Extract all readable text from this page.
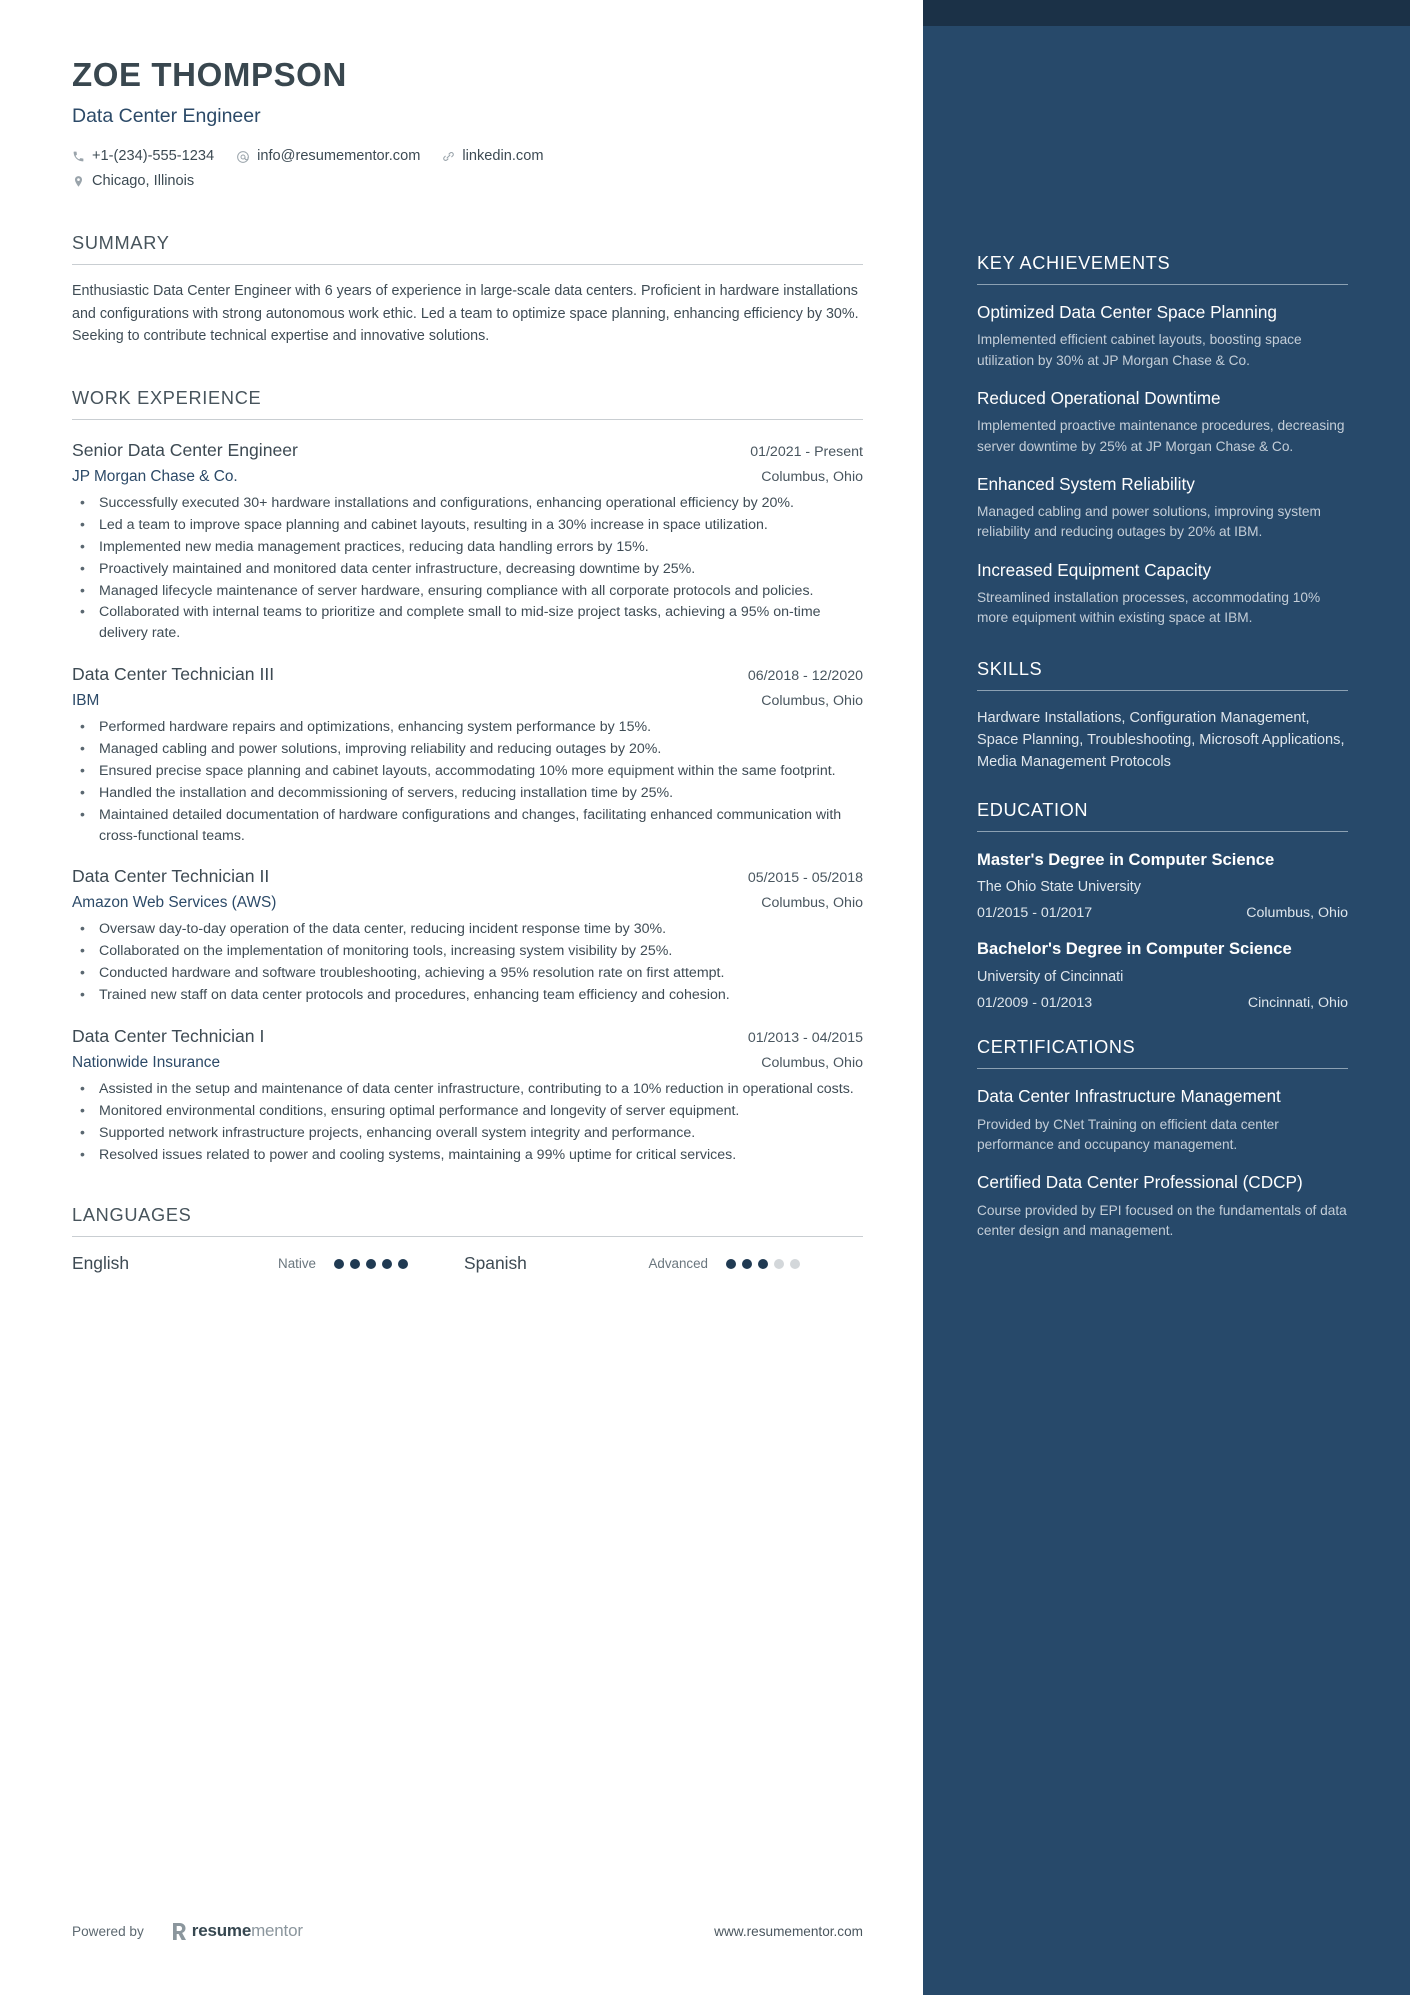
ZOE THOMPSON
Data Center Engineer
+1-(234)-555-1234	info@resumementor.com	linkedin.com
Chicago, Illinois
SUMMARY
Enthusiastic Data Center Engineer with 6 years of experience in large-scale data centers. Proficient in hardware installations and configurations with strong autonomous work ethic. Led a team to optimize space planning, enhancing efficiency by 30%. Seeking to contribute technical expertise and innovative solutions.
WORK EXPERIENCE
Senior Data Center Engineer	01/2021 - Present
JP Morgan Chase & Co.	Columbus, Ohio
• Successfully executed 30+ hardware installations and configurations, enhancing operational efficiency by 20%.
• Led a team to improve space planning and cabinet layouts, resulting in a 30% increase in space utilization.
• Implemented new media management practices, reducing data handling errors by 15%.
• Proactively maintained and monitored data center infrastructure, decreasing downtime by 25%.
• Managed lifecycle maintenance of server hardware, ensuring compliance with all corporate protocols and policies.
• Collaborated with internal teams to prioritize and complete small to mid-size project tasks, achieving a 95% on-time delivery rate.
Data Center Technician III	06/2018 - 12/2020
IBM	Columbus, Ohio
• Performed hardware repairs and optimizations, enhancing system performance by 15%.
• Managed cabling and power solutions, improving reliability and reducing outages by 20%.
• Ensured precise space planning and cabinet layouts, accommodating 10% more equipment within the same footprint.
• Handled the installation and decommissioning of servers, reducing installation time by 25%.
• Maintained detailed documentation of hardware configurations and changes, facilitating enhanced communication with cross-functional teams.
Data Center Technician II	05/2015 - 05/2018
Amazon Web Services (AWS)	Columbus, Ohio
• Oversaw day-to-day operation of the data center, reducing incident response time by 30%.
• Collaborated on the implementation of monitoring tools, increasing system visibility by 25%.
• Conducted hardware and software troubleshooting, achieving a 95% resolution rate on first attempt.
• Trained new staff on data center protocols and procedures, enhancing team efficiency and cohesion.
Data Center Technician I	01/2013 - 04/2015
Nationwide Insurance	Columbus, Ohio
• Assisted in the setup and maintenance of data center infrastructure, contributing to a 10% reduction in operational costs.
• Monitored environmental conditions, ensuring optimal performance and longevity of server equipment.
• Supported network infrastructure projects, enhancing overall system integrity and performance.
• Resolved issues related to power and cooling systems, maintaining a 99% uptime for critical services.
LANGUAGES
English	Native	Spanish	Advanced
Powered by	resumementor	www.resumementor.com
KEY ACHIEVEMENTS
Optimized Data Center Space Planning
Implemented efficient cabinet layouts, boosting space utilization by 30% at JP Morgan Chase & Co.
Reduced Operational Downtime
Implemented proactive maintenance procedures, decreasing server downtime by 25% at JP Morgan Chase & Co.
Enhanced System Reliability
Managed cabling and power solutions, improving system reliability and reducing outages by 20% at IBM.
Increased Equipment Capacity
Streamlined installation processes, accommodating 10% more equipment within existing space at IBM.
SKILLS
Hardware Installations, Configuration Management, Space Planning, Troubleshooting, Microsoft Applications, Media Management Protocols
EDUCATION
Master's Degree in Computer Science
The Ohio State University
01/2015 - 01/2017	Columbus, Ohio
Bachelor's Degree in Computer Science
University of Cincinnati
01/2009 - 01/2013	Cincinnati, Ohio
CERTIFICATIONS
Data Center Infrastructure Management
Provided by CNet Training on efficient data center performance and occupancy management.
Certified Data Center Professional (CDCP)
Course provided by EPI focused on the fundamentals of data center design and management.
